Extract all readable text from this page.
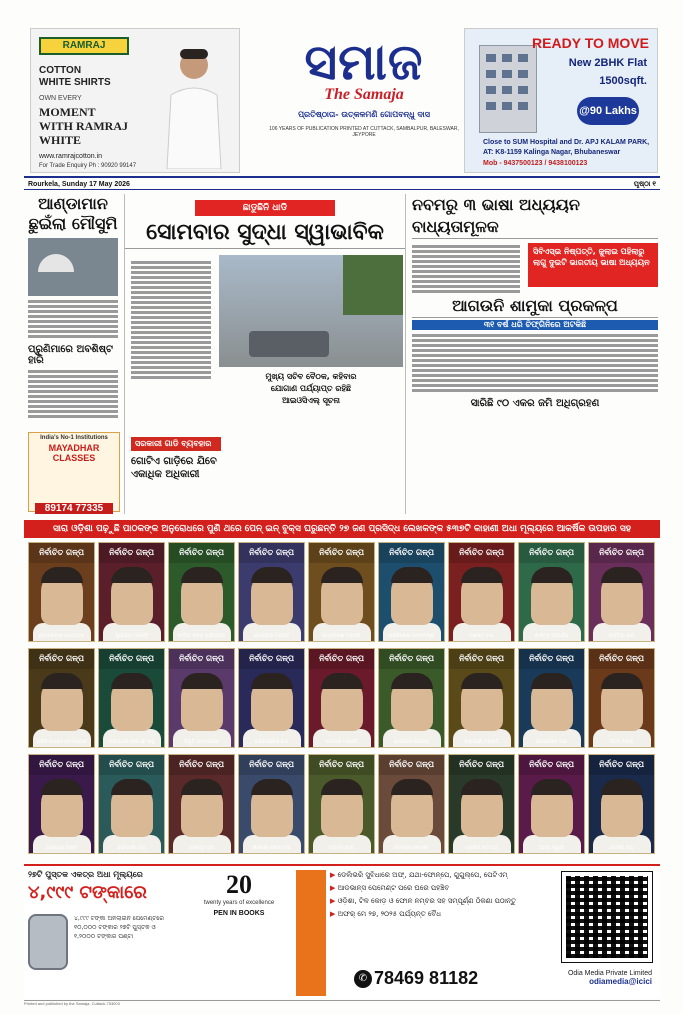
RAMRAJ
COTTON
WHITE SHIRTS
OWN EVERY
MOMENT
WITH RAMRAJ
WHITE
www.ramrajcotton.in
For Trade Enquiry Ph : 90920 99147
ସମାଜ
The Samaja
ପ୍ରତିଷ୍ଠାତା- ଉତ୍କଳମଣି ଗୋପବନ୍ଧୁ ଦାସ
106 YEARS OF PUBLICATION PRINTED AT CUTTACK, SAMBALPUR, BALESWAR, JEYPORE
READY TO MOVE
New 2BHK Flat
1500sqft.
@90 Lakhs
Close to SUM Hospital and Dr. APJ KALAM PARK,
AT: K8-1159 Kalinga Nagar, Bhubaneswar
Mob - 9437500123 / 9438100123
Rourkela, Sunday 17 May 2026	ପୃଷ୍ଠା ୧
ଆଣ୍ଡାମାନ ଛୁଇଁଲା ମୌସୁମି
ପ୍ରୁଣିମାରେ ଅବଶିଷ୍ଟ ହାରି
India's No-1 Institutions
MAYADHAR CLASSES
89174 77335
ଛାଡୁଛିନି ଧାଡି
ସୋମବାର ସୁଦ୍ଧା ସ୍ୱାଭାବିକ
ମୁଖ୍ୟ ସଚିବ ବୈଠକ, କହିବାର
ଯୋଗାଣ ପର୍ଯ୍ୟାପ୍ତ ରହିଛି
ଆଇଓସିଏଲ୍ ସୂଚନା
ସରକାରୀ ଗାଡି ବ୍ୟବହାର
ଗୋଟିଏ ଗାଡ଼ିରେ ଯିବେ ଏକାଧିକ ଅଧିକାରୀ
ନବମରୁ ୩ ଭାଷା ଅଧ୍ୟୟନ ବାଧ୍ୟତାମୂଳକ
ସିବିଏସ୍‌ଇ ନିଷ୍ପତ୍ତି, ଜୁଲାଇ ପହିଲାରୁ ଲାଗୁ ଦୁଇଟି ଭାରତୀୟ ଭାଷା ଅଧ୍ୟୟନ
ଆଗଉନି ଶାମୁକା ପ୍ରକଳ୍ପ
୩୧ ବର୍ଷ ଧରି ଚିଫ୍‌ଗିନିରେ ଅଟକିଛି
ସାରିଛି ୯୦ ଏକର ଜମି ଅଧିଗ୍ରହଣ
ସାରା ଓଡ଼ିଶା ପଢ଼ୁଛି ପାଠକଙ୍କ ଅନୁରୋଧରେ ପୁଣି ଥରେ ପେନ୍ ଇନ୍ ବୁକ୍ସ ଘରୁଛନ୍ତି ୨୭ ଜଣ ପ୍ରସିଦ୍ଧ ଲେଖକଙ୍କ ୫୩୭ଟି କାହାଣୀ ଅଧା ମୂଲ୍ୟରେ ଆକର୍ଷିକ ଉପହାର ସହ
ନିର୍ବାଚିତ ଗଳ୍ପ
ଗୋଦାବରୀଶ ମହାପାତ୍ର
ନିର୍ବାଚିତ ଗଳ୍ପ
ସୁରେନ୍ଦ୍ର ମହାନ୍ତି
ନିର୍ବାଚିତ ଗଳ୍ପ
କାଳିନ୍ଦୀ ଚରଣ ପାଣିଗ୍ରାହୀ
ନିର୍ବାଚିତ ଗଳ୍ପ
ଗୋପୀନାଥ ମହାନ୍ତି
ନିର୍ବାଚିତ ଗଳ୍ପ
କାହ୍ନୁଚରଣ ମହାନ୍ତି
ନିର୍ବାଚିତ ଗଳ୍ପ
ରାଜକିଶୋର ପଟ୍ଟନାୟକ
ନିର୍ବାଚିତ ଗଳ୍ପ
ମନୋଜ ଦାସ
ନିର୍ବାଚିତ ଗଳ୍ପ
ଶାନ୍ତନୁ ଆଚାର୍ଯ୍ୟ
ନିର୍ବାଚିତ ଗଳ୍ପ
ପ୍ରତିଭା ରାୟ
ନିର୍ବାଚିତ ଗଳ୍ପ
ଅଖିଳ ମୋହନ ପଟ୍ଟନାୟକ
ନିର୍ବାଚିତ ଗଳ୍ପ
ମହାପାତ୍ର ନୀଳମଣି ସାହୁ
ନିର୍ବାଚିତ ଗଳ୍ପ
ବିଭୂତି ପଟ୍ଟନାୟକ
ନିର୍ବାଚିତ ଗଳ୍ପ
ଚନ୍ଦ୍ରଶେଖର ରଥ
ନିର୍ବାଚିତ ଗଳ୍ପ
ଜଗଦୀଶ ମହାନ୍ତି
ନିର୍ବାଚିତ ଗଳ୍ପ
ରାମଚନ୍ଦ୍ର ବେହେରା
ନିର୍ବାଚିତ ଗଳ୍ପ
ବୀଣାପାଣି ମହାନ୍ତି
ନିର୍ବାଚିତ ଗଳ୍ପ
ହରପ୍ରସାଦ ଦାସ
ନିର୍ବାଚିତ ଗଳ୍ପ
ସତ୍ୟ ମିଶ୍ର
ନିର୍ବାଚିତ ଗଳ୍ପ
ଯଶୋଧରା ମିଶ୍ର
ନିର୍ବାଚିତ ଗଳ୍ପ
ଗୌରହରି ଦାସ
ନିର୍ବାଚିତ ଗଳ୍ପ
ଦାଶରଥି ଦାସ
ନିର୍ବାଚିତ ଗଳ୍ପ
କିଶୋରୀ ଚରଣ ଦାସ
ନିର୍ବାଚିତ ଗଳ୍ପ
ପଦ୍ମଜ ପାଲ
ନିର୍ବାଚିତ ଗଳ୍ପ
ଦେବରାଜ ଲେଙ୍କା
ନିର୍ବାଚିତ ଗଳ୍ପ
ପରମିତା ଶତପଥୀ
ନିର୍ବାଚିତ ଗଳ୍ପ
ଅଜୟ ସ୍ୱାଇଁ
ନିର୍ବାଚିତ ଗଳ୍ପ
ଗୋବିନ୍ଦ ରଥ
୨୭ଟି ପୁସ୍ତକ ଏକତ୍ର ଅଧା ମୂଲ୍ୟରେ
୪,୯୯୯ ଟଙ୍କାରେ
୪,୯୯୯ ଟଙ୍କା ଅନଲାଇନ ପେମେଣ୍ଟରେ ୧୦,୦୦୦ ଟଙ୍କାର ୨୭ଟି ପୁସ୍ତକ ଓ ୧,୨୦୦୦ ଟଙ୍କାର ଘଣ୍ଟା
20
twenty years of excellence
PEN IN BOOKS
▶ ଡେଲିଭରି ସୁବିଧାରେ ଅଫ୍, ଯଥା-ଫୋନ୍‌ପେ, ଗୁଗୁଲ୍‌ପେ, ପେଟିଏମ୍
▶ ଆଡଭାନ୍ସ ପେମେଣ୍ଟ ପରେ ଘରେ ପହଞ୍ଚିବ
▶ ଓଡ଼ିଶା, ଟିଳ କୋଡ଼ ଓ ଫୋନ ନମ୍ବର ସହ ସମ୍ପୂର୍ଣ୍ଣ ଠିକଣା ପଠାନ୍ତୁ
▶ ଅଫର୍ ମେ ୨୭, ୨୦୨୫ ପର୍ଯ୍ୟନ୍ତ ବୈଧ
✆ 78469 81182	Odia Media Private Limited
odiamedia@icici
Printed and published by the Samaja, Cuttack-753003
